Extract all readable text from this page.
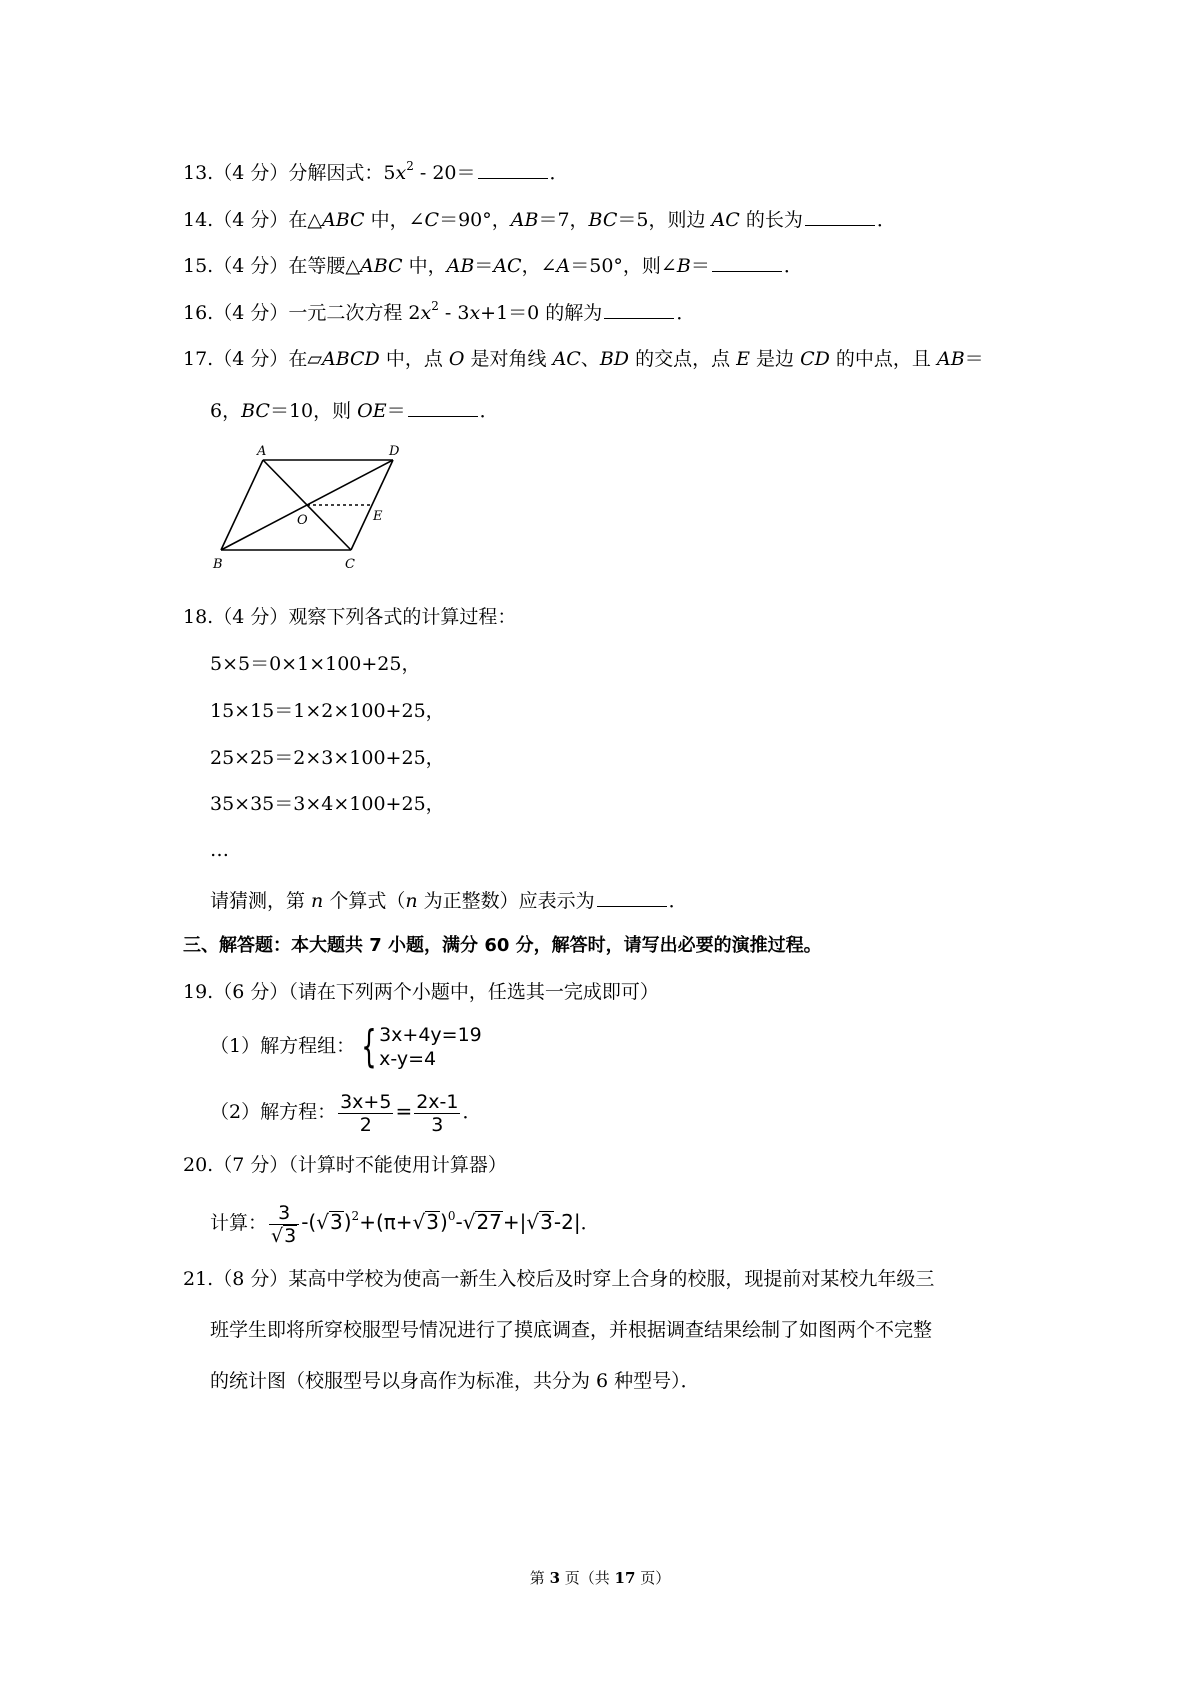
13.（4 分）分解因式：$5x^2 - 20=$	．
14.（4 分）在△ABC 中，∠C＝90°，AB＝7，BC＝5，则边 AC 的长为	．
15.（4 分）在等腰△ABC 中，AB＝AC，∠A＝50°，则∠B＝	．
16.（4 分）一元二次方程 $2x^2 - 3x+1=0$ 的解为	．
17.（4 分）在▱ABCD 中，点 O 是对角线 AC、BD 的交点，点 E 是边 CD 的中点，且 AB＝
6，BC＝10，则 OE＝	．
A	D
O	E
B	C
18.（4 分）观察下列各式的计算过程：
5×5＝0×1×100+25，
15×15＝1×2×100+25，
25×25＝2×3×100+25，
35×35＝3×4×100+25，
…
请猜测，第 n 个算式（n 为正整数）应表示为	．
三、解答题：本大题共 7 小题，满分 60 分，解答时，请写出必要的演推过程。
19.（6 分）（请在下列两个小题中，任选其一完成即可）
（1）解方程组： { 3x+4y=19
x-y=4
（2）解方程： $\frac{3x+5}{2} = \frac{2x-1}{3}$ ．
20.（7 分）（计算时不能使用计算器）
计算： $\frac{3}{√3} -(√3)^2+(\pi+√3)^0-√27+|√3-2|$．
21.（8 分）某高中学校为使高一新生入校后及时穿上合身的校服，现提前对某校九年级三
班学生即将所穿校服型号情况进行了摸底调查，并根据调查结果绘制了如图两个不完整
的统计图（校服型号以身高作为标准，共分为 6 种型号）．
第 3 页（共 17 页）
